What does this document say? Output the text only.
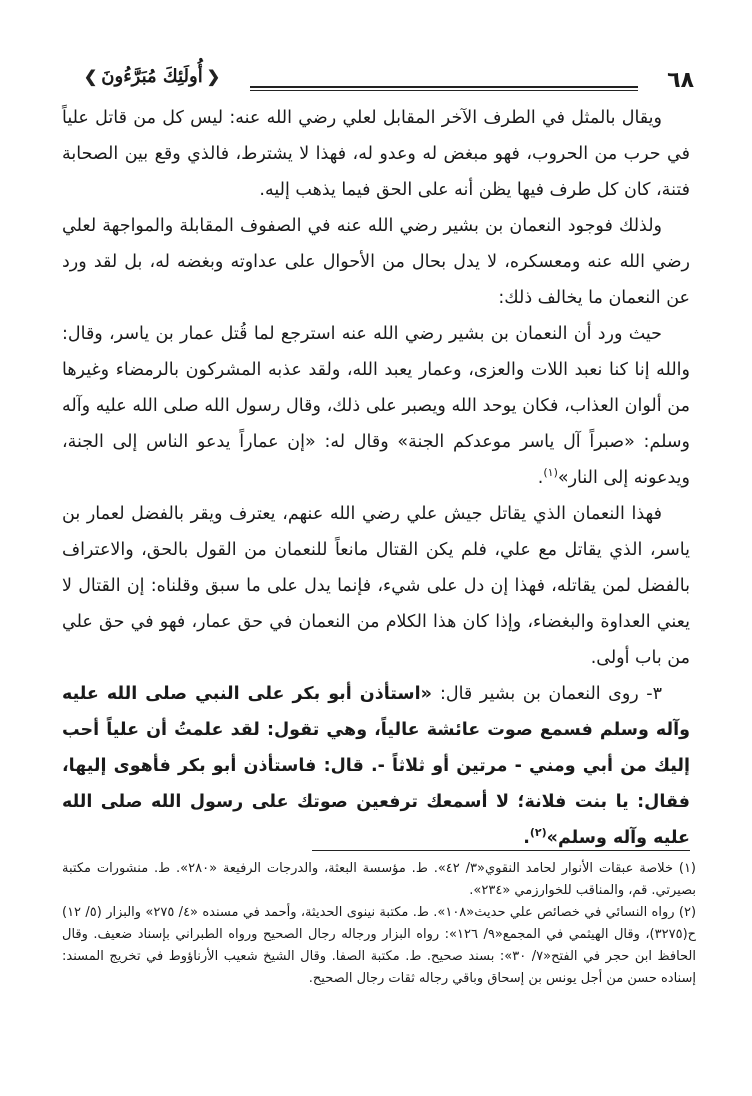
❮
أُولَئِكَ مُبَرَّءُونَ
❯	٦٨

ويقال بالمثل في الطرف الآخر المقابل لعلي رضي الله عنه: ليس كل من قاتل علياً في حرب من الحروب، فهو مبغض له وعدو له، فهذا لا يشترط، فالذي وقع بين الصحابة فتنة، كان كل طرف فيها يظن أنه على الحق فيما يذهب إليه.

ولذلك فوجود النعمان بن بشير رضي الله عنه في الصفوف المقابلة والمواجهة لعلي رضي الله عنه ومعسكره، لا يدل بحال من الأحوال على عداوته وبغضه له، بل لقد ورد عن النعمان ما يخالف ذلك:

حيث ورد أن النعمان بن بشير رضي الله عنه استرجع لما قُتل عمار بن ياسر، وقال: والله إنا كنا نعبد اللات والعزى، وعمار يعبد الله، ولقد عذبه المشركون بالرمضاء وغيرها من ألوان العذاب، فكان يوحد الله ويصبر على ذلك، وقال رسول الله صلى الله عليه وآله وسلم: «صبراً آل ياسر موعدكم الجنة» وقال له: «إن عماراً يدعو الناس إلى الجنة، ويدعونه إلى النار»$^{(١)}$.

فهذا النعمان الذي يقاتل جيش علي رضي الله عنهم، يعترف ويقر بالفضل لعمار بن ياسر، الذي يقاتل مع علي، فلم يكن القتال مانعاً للنعمان من القول بالحق، والاعتراف بالفضل لمن يقاتله، فهذا إن دل على شيء، فإنما يدل على ما سبق وقلناه: إن القتال لا يعني العداوة والبغضاء، وإذا كان هذا الكلام من النعمان في حق عمار، فهو في حق علي من باب أولى.

٣- روى النعمان بن بشير قال: «استأذن أبو بكر على النبي صلى الله عليه وآله وسلم فسمع صوت عائشة عالياً، وهي تقول: لقد علمتُ أن علياً أحب إليك من أبي ومني - مرتين أو ثلاثاً -. قال: فاستأذن أبو بكر فأهوى إليها، فقال: يا بنت فلانة؛ لا أسمعك ترفعين صوتك على رسول الله صلى الله عليه وآله وسلم»$^{(٢)}$.

(١) خلاصة عبقات الأنوار لحامد النقوي«٣/ ٤٢». ط. مؤسسة البعثة، والدرجات الرفيعة «٢٨٠». ط. منشورات مكتبة بصيرتي. قم، والمناقب للخوارزمي «٢٣٤».

(٢) رواه النسائي في خصائص علي حديث«١٠٨». ط. مكتبة نينوى الحديثة، وأحمد في مسنده «٤/ ٢٧٥» والبزار (٥/ ١٢) ح(٣٢٧٥)، وقال الهيثمي في المجمع«٩/ ١٢٦»: رواه البزار ورجاله رجال الصحيح ورواه الطبراني بإسناد ضعيف. وقال الحافظ ابن حجر في الفتح«٧/ ٣٠»: بسند صحيح. ط. مكتبة الصفا. وقال الشيخ شعيب الأرناؤوط في تخريج المسند: إسناده حسن من أجل يونس بن إسحاق وباقي رجاله ثقات رجال الصحيح.
